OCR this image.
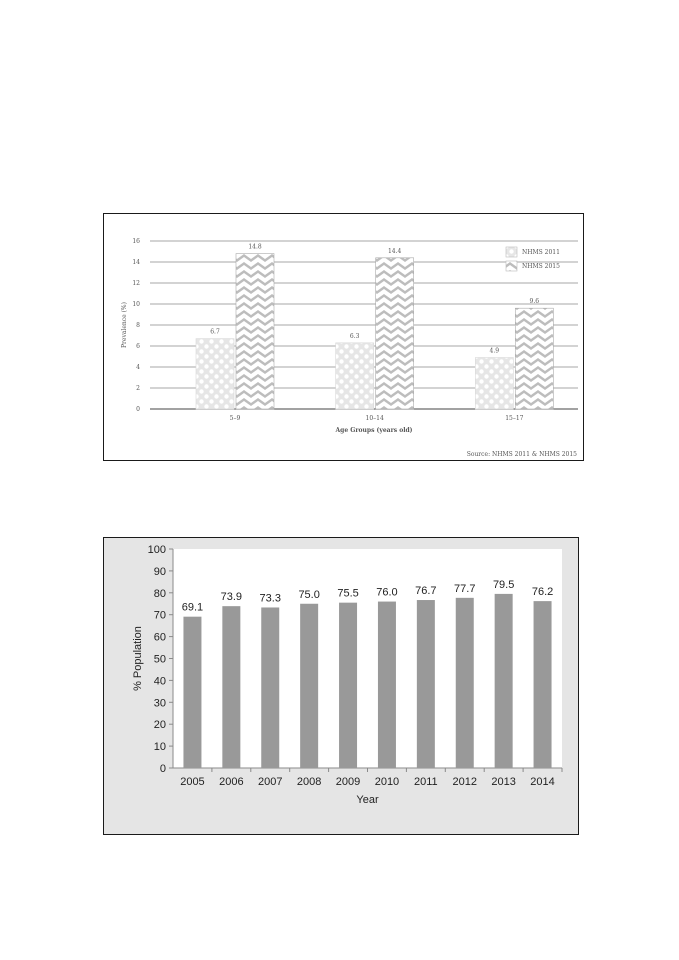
0
2
4
6
8
10
12
14
16
6.7
14.8
5–9
6.3
14.4
10–14
4.9
9.6
15–17
Age Groups (years old)
Prevalence (%)
NHMS 2011
NHMS 2015
Source: NHMS 2011 & NHMS 2015
0
10
20
30
40
50
60
70
80
90
100
69.1
2005
73.9
2006
73.3
2007
75.0
2008
75.5
2009
76.0
2010
76.7
2011
77.7
2012
79.5
2013
76.2
2014
Year
% Population
